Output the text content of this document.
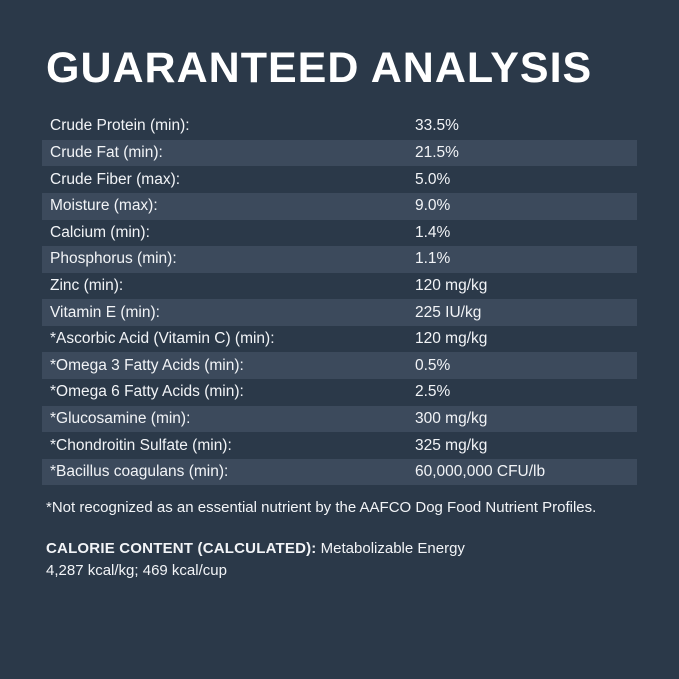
GUARANTEED ANALYSIS
Crude Protein (min):	33.5%
Crude Fat (min):	21.5%
Crude Fiber (max):	5.0%
Moisture (max):	9.0%
Calcium (min):	1.4%
Phosphorus (min):	1.1%
Zinc (min):	120 mg/kg
Vitamin E (min):	225 IU/kg
*Ascorbic Acid (Vitamin C) (min):	120 mg/kg
*Omega 3 Fatty Acids (min):	0.5%
*Omega 6 Fatty Acids (min):	2.5%
*Glucosamine (min):	300 mg/kg
*Chondroitin Sulfate (min):	325 mg/kg
*Bacillus coagulans (min):	60,000,000 CFU/lb
*Not recognized as an essential nutrient by the AAFCO Dog Food Nutrient Profiles.
CALORIE CONTENT (CALCULATED): Metabolizable Energy
4,287 kcal/kg; 469 kcal/cup
